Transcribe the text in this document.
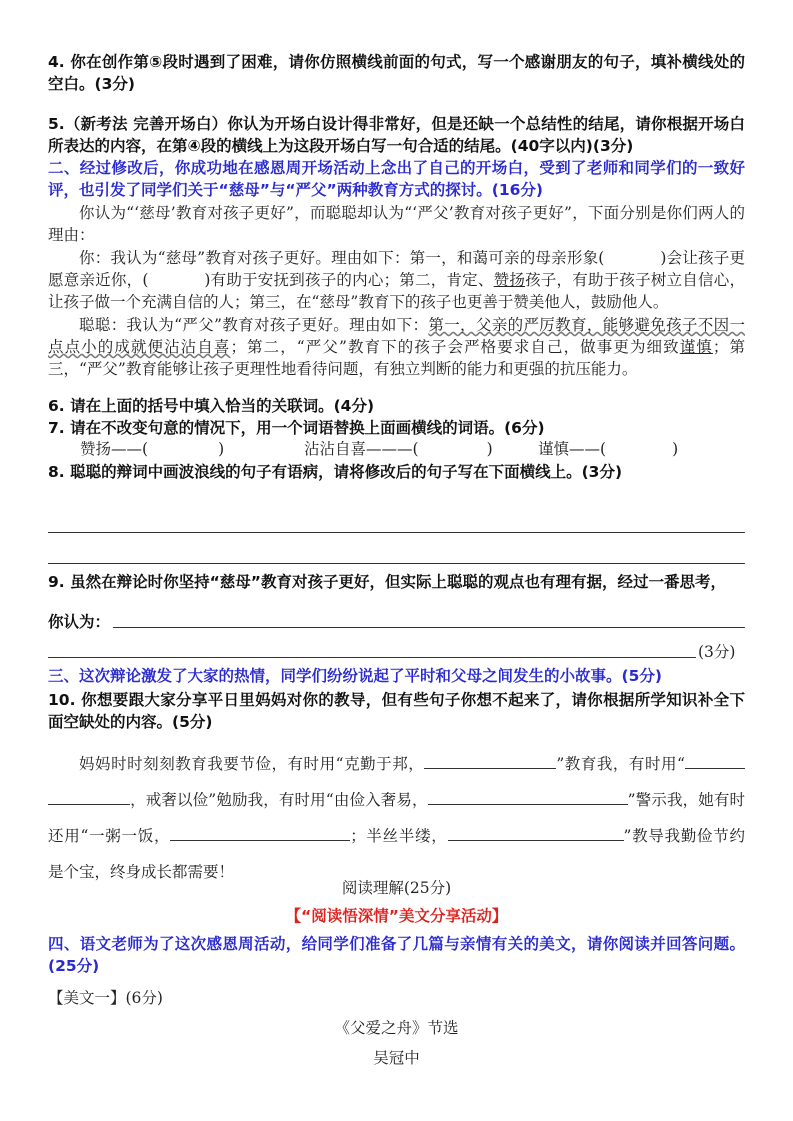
4. 你在创作第⑤段时遇到了困难，请你仿照横线前面的句式，写一个感谢朋友的句子，填补横线处的空白。(3分)
5.（新考法 完善开场白）你认为开场白设计得非常好，但是还缺一个总结性的结尾，请你根据开场白所表达的内容，在第④段的横线上为这段开场白写一句合适的结尾。(40字以内)(3分)
二、经过修改后，你成功地在感恩周开场活动上念出了自己的开场白，受到了老师和同学们的一致好评，也引发了同学们关于“慈母”与“严父”两种教育方式的探讨。(16分)
你认为“‘慈母’教育对孩子更好”，而聪聪却认为“‘严父’教育对孩子更好”，下面分别是你们两人的理由：
你：我认为“慈母”教育对孩子更好。理由如下：第一，和蔼可亲的母亲形象(	)会让孩子更愿意亲近你，(	)有助于安抚到孩子的内心；第二，肯定、赞扬孩子，有助于孩子树立自信心，让孩子做一个充满自信的人；第三，在“慈母”教育下的孩子也更善于赞美他人，鼓励他人。
聪聪：我认为“严父”教育对孩子更好。理由如下：第一，父亲的严厉教育，能够避免孩子不因一点点小的成就便沾沾自喜；第二，“严父”教育下的孩子会严格要求自己，做事更为细致谨慎；第三，“严父”教育能够让孩子更理性地看待问题，有独立判断的能力和更强的抗压能力。
6. 请在上面的括号中填入恰当的关联词。(4分)
7. 请在不改变句意的情况下，用一个词语替换上面画横线的词语。(6分)
赞扬——(	)	沾沾自喜———(	)	谨慎——(	)
8. 聪聪的辩词中画波浪线的句子有语病，请将修改后的句子写在下面横线上。(3分)
9. 虽然在辩论时你坚持“慈母”教育对孩子更好，但实际上聪聪的观点也有理有据，经过一番思考，
你认为：
(3分)
三、这次辩论激发了大家的热情，同学们纷纷说起了平时和父母之间发生的小故事。(5分)
10. 你想要跟大家分享平日里妈妈对你的教导，但有些句子你想不起来了，请你根据所学知识补全下面空缺处的内容。(5分)
妈妈时时刻刻教育我要节俭，有时用“克勤于邦，	”教育我，有时用“，戒奢以俭”勉励我，有时用“由俭入奢易，	”警示我，她有时还用“一粥一饭，	；半丝半缕，	”教导我勤俭节约是个宝，终身成长都需要！
阅读理解(25分)
【“阅读悟深情”美文分享活动】
四、语文老师为了这次感恩周活动，给同学们准备了几篇与亲情有关的美文，请你阅读并回答问题。(25分)
【美文一】(6分)
《父爱之舟》节选
吴冠中
